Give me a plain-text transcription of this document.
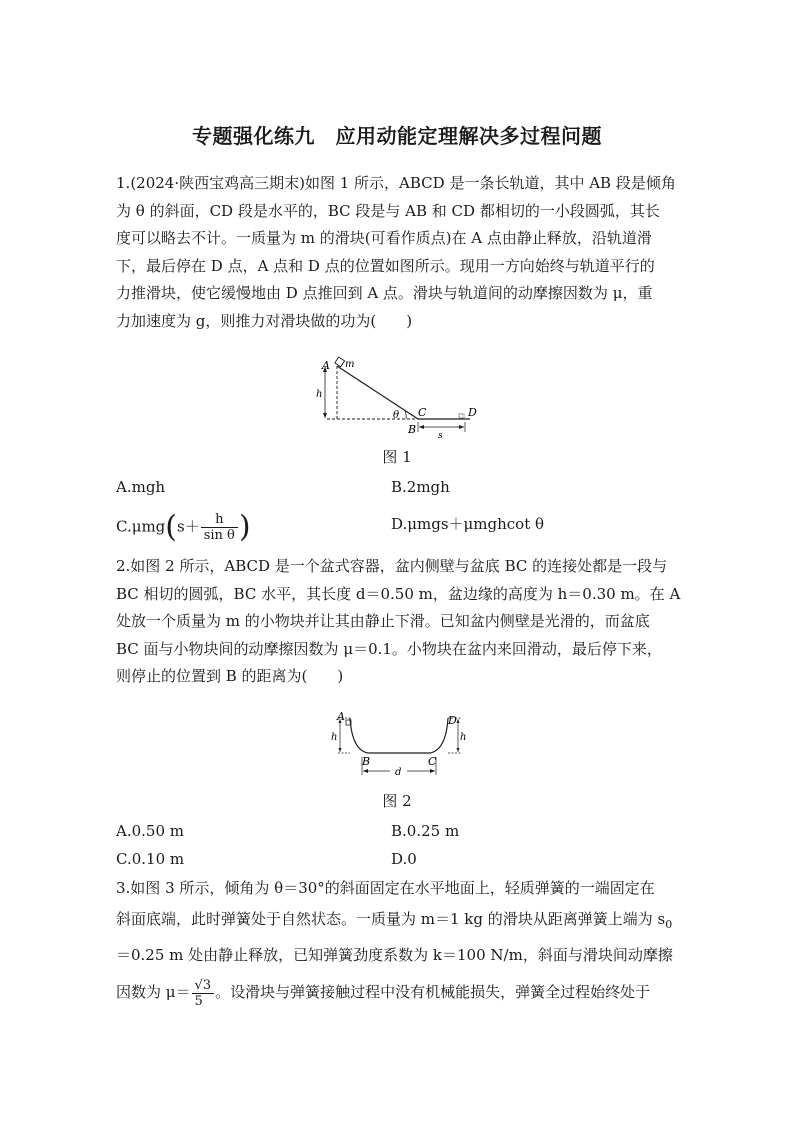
专题强化练九　应用动能定理解决多过程问题
1.(2024·陕西宝鸡高三期末)如图 1 所示，ABCD 是一条长轨道，其中 AB 段是倾角
为 θ 的斜面，CD 段是水平的，BC 段是与 AB 和 CD 都相切的一小段圆弧，其长
度可以略去不计。一质量为 m 的滑块(可看作质点)在 A 点由静止释放，沿轨道滑
下，最后停在 D 点，A 点和 D 点的位置如图所示。现用一方向始终与轨道平行的
力推滑块，使它缓慢地由 D 点推回到 A 点。滑块与轨道间的动摩擦因数为 μ，重
力加速度为 g，则推力对滑块做的功为(　　)
A m
h
θ C
B
D
s
图 1
A.mgh	B.2mgh
$C.\mu mg(s+ \frac{h}{\text{sin θ}}$ )	D.μmgs＋μmghcot θ
2.如图 2 所示，ABCD 是一个盆式容器，盆内侧壁与盆底 BC 的连接处都是一段与
BC 相切的圆弧，BC 水平，其长度 d＝0.50 m，盆边缘的高度为 h＝0.30 m。在 A
处放一个质量为 m 的小物块并让其由静止下滑。已知盆内侧壁是光滑的，而盆底
BC 面与小物块间的动摩擦因数为 μ＝0.1。小物块在盆内来回滑动，最后停下来，
则停止的位置到 B 的距离为(　　)
A	D
h	h
B	C
d
图 2
A.0.50 m	B.0.25 m
C.0.10 m	D.0
3.如图 3 所示，倾角为 θ＝30°的斜面固定在水平地面上，轻质弹簧的一端固定在
斜面底端，此时弹簧处于自然状态。一质量为 m＝1 kg 的滑块从距离弹簧上端为 $s_0$
＝0.25 m 处由静止释放，已知弹簧劲度系数为 k＝100 N/m，斜面与滑块间动摩擦
因数为 $\mu= \frac{√3}{5}$ 。设滑块与弹簧接触过程中没有机械能损失，弹簧全过程始终处于
